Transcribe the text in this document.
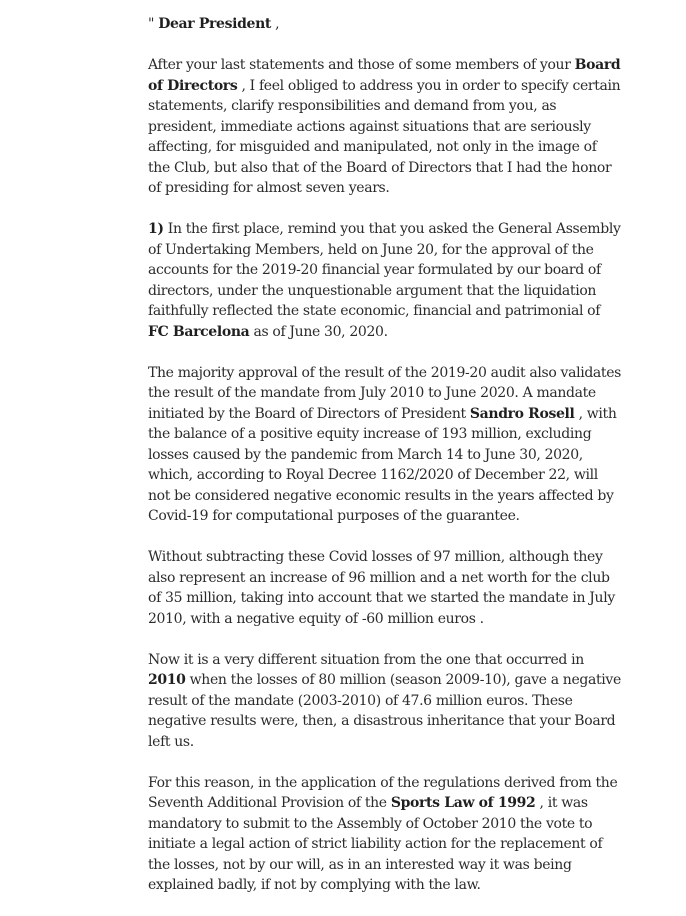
" Dear President ,

After your last statements and those of some members of your Board of Directors , I feel obliged to address you in order to specify certain statements, clarify responsibilities and demand from you, as president, immediate actions against situations that are seriously affecting, for misguided and manipulated, not only in the image of the Club, but also that of the Board of Directors that I had the honor of presiding for almost seven years.

1) In the first place, remind you that you asked the General Assembly of Undertaking Members, held on June 20, for the approval of the accounts for the 2019-20 financial year formulated by our board of directors, under the unquestionable argument that the liquidation faithfully reflected the state economic, financial and patrimonial of FC Barcelona as of June 30, 2020.

The majority approval of the result of the 2019-20 audit also validates the result of the mandate from July 2010 to June 2020. A mandate initiated by the Board of Directors of President Sandro Rosell , with the balance of a positive equity increase of 193 million, excluding losses caused by the pandemic from March 14 to June 30, 2020, which, according to Royal Decree 1162/2020 of December 22, will not be considered negative economic results in the years affected by Covid-19 for computational purposes of the guarantee.

Without subtracting these Covid losses of 97 million, although they also represent an increase of 96 million and a net worth for the club of 35 million, taking into account that we started the mandate in July 2010, with a negative equity of -60 million euros .

Now it is a very different situation from the one that occurred in 2010 when the losses of 80 million (season 2009-10), gave a negative result of the mandate (2003-2010) of 47.6 million euros. These negative results were, then, a disastrous inheritance that your Board left us.

For this reason, in the application of the regulations derived from the Seventh Additional Provision of the Sports Law of 1992 , it was mandatory to submit to the Assembly of October 2010 the vote to initiate a legal action of strict liability action for the replacement of the losses, not by our will, as in an interested way it was being explained badly, if not by complying with the law.
